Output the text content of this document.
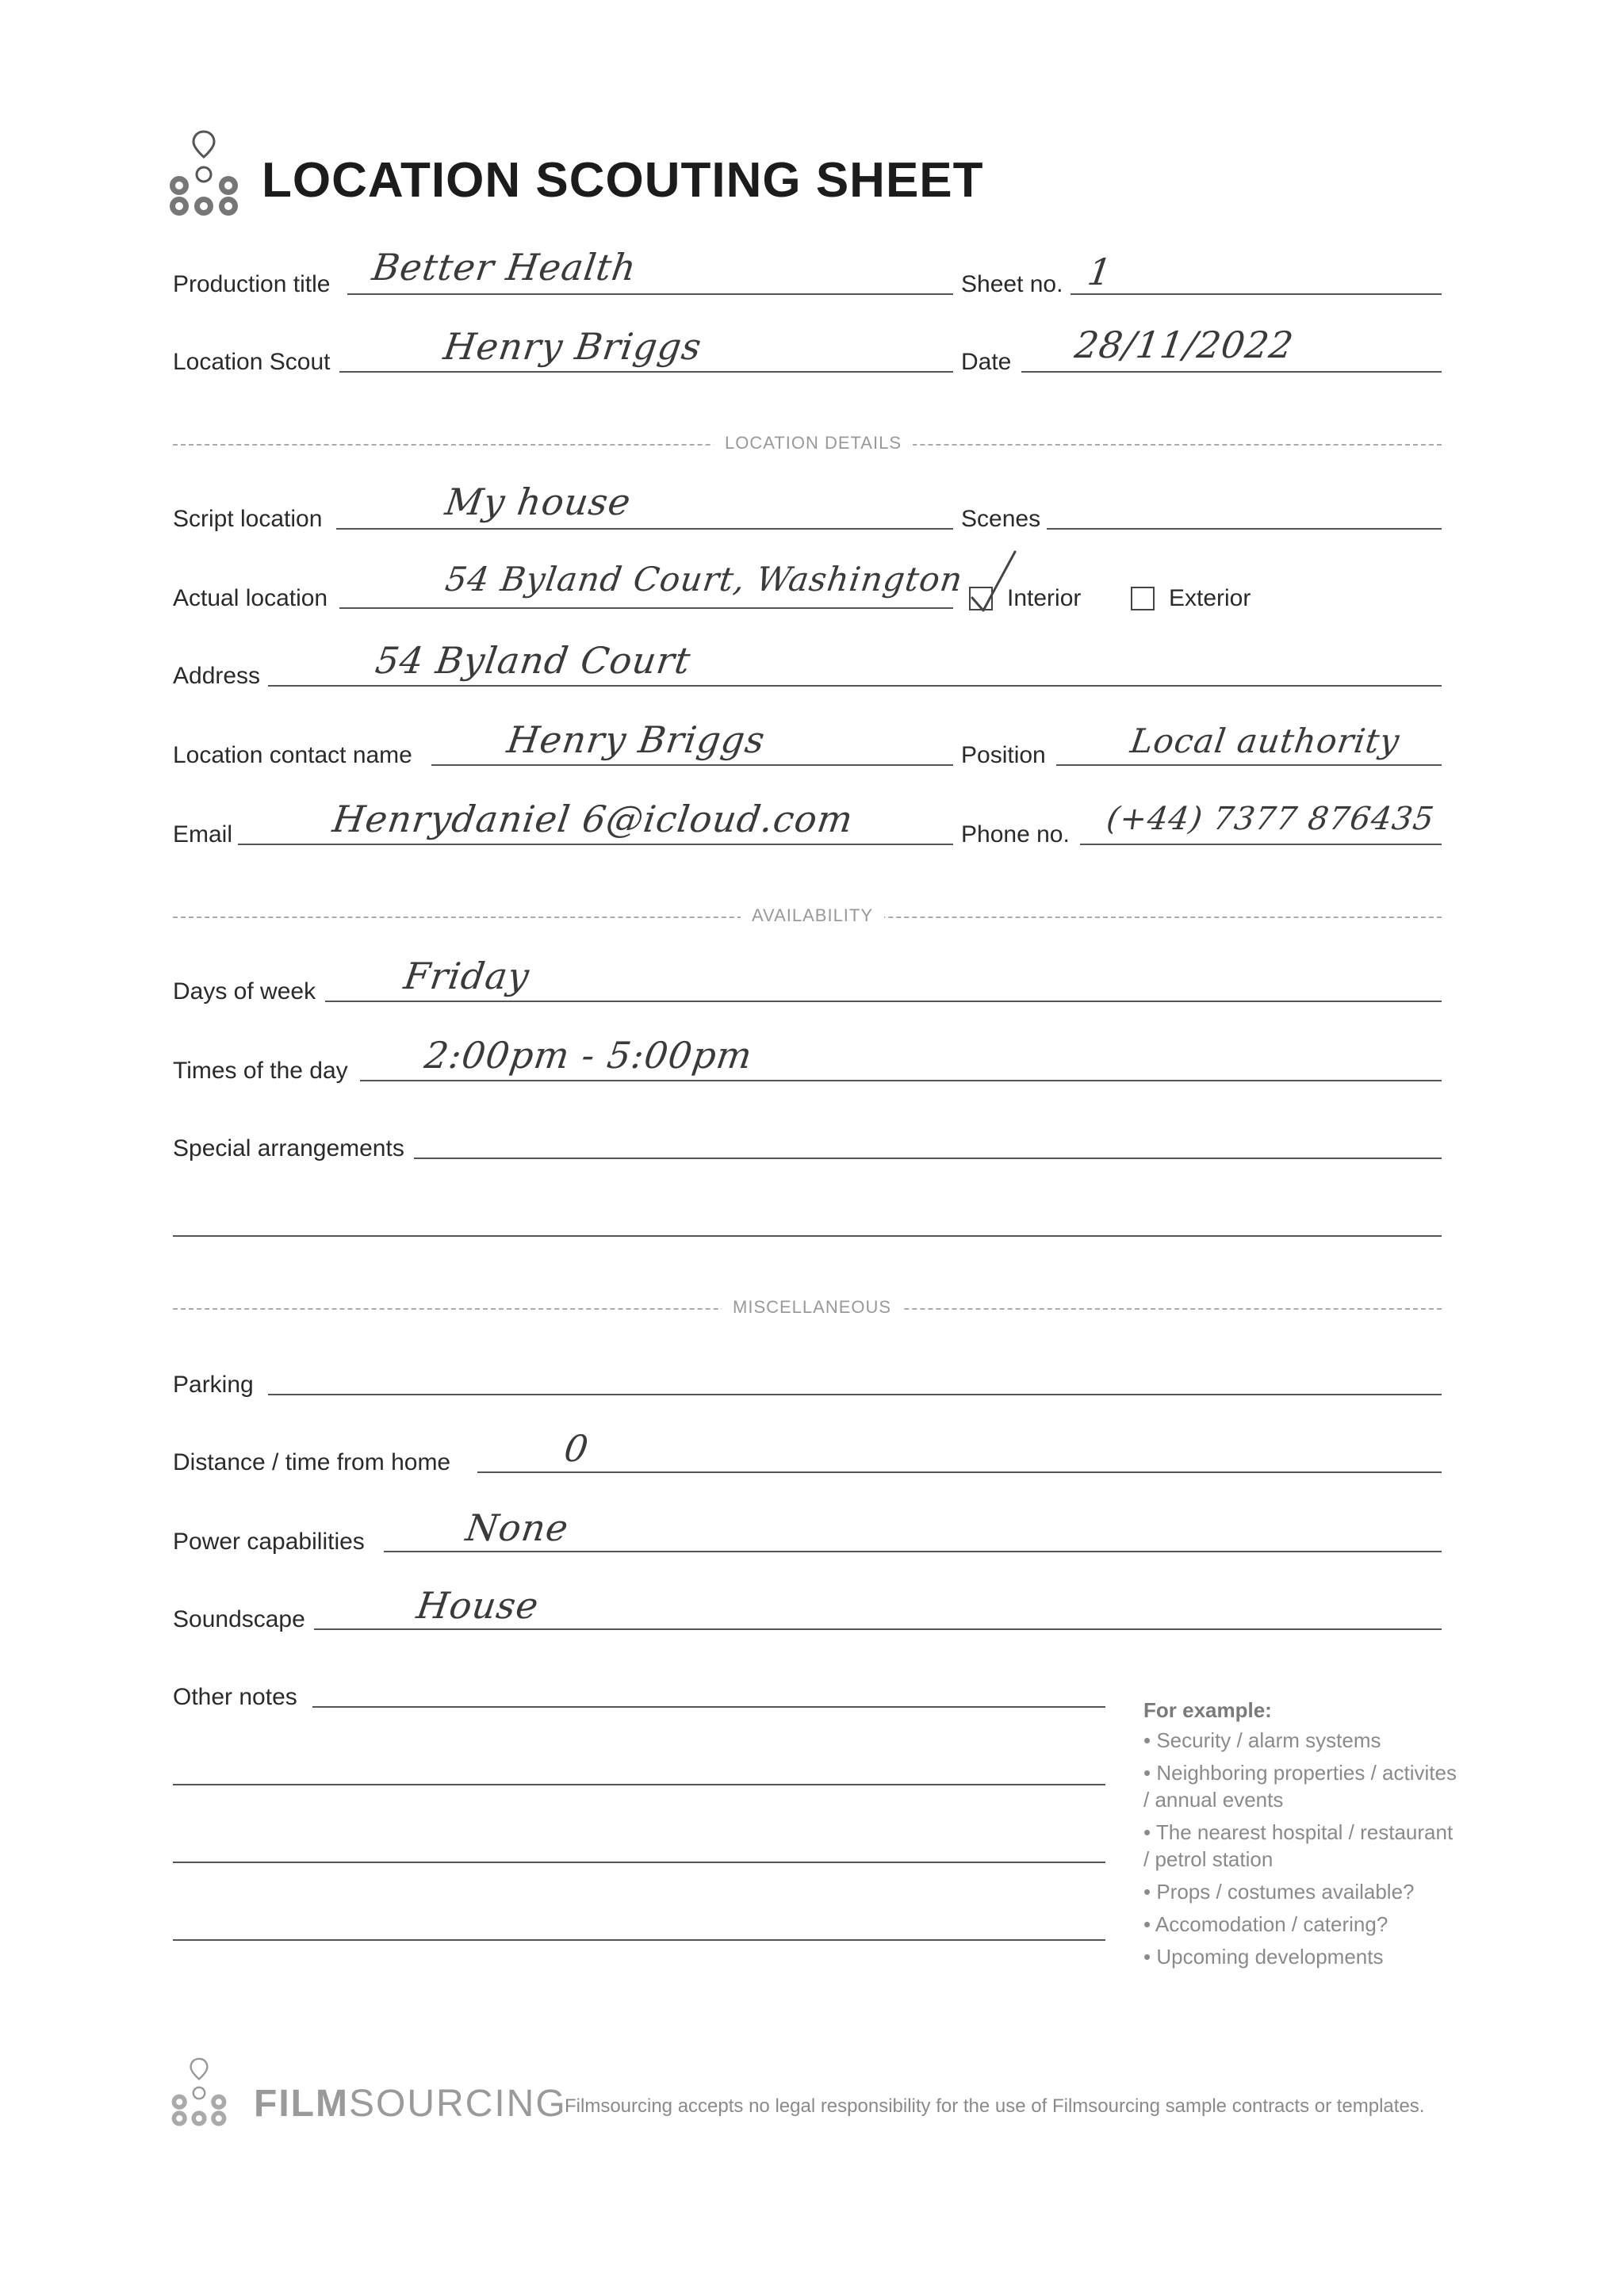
LOCATION SCOUTING SHEET
Production title Better Health	Sheet no. 1
Location Scout	Henry Briggs	Date 28/11/2022
LOCATION DETAILS
Script location	My house	Scenes
Actual location	54 Byland Court, Washington Interior	Exterior
Address	54 Byland Court
Location contact name	Henry Briggs	Position Local authority
Email	Henrydaniel 6@icloud.com	Phone no. (+44) 7377 876435
AVAILABILITY
Days of week Friday
Times of the day 2:00pm - 5:00pm
Special arrangements
MISCELLANEOUS
Parking
Distance / time from home	0
Power capabilities	None
Soundscape	House
Other notes	For example:
• Security / alarm systems
• Neighboring properties / activites / annual events
• The nearest hospital / restaurant / petrol station
• Props / costumes available?
• Accomodation / catering?
• Upcoming developments
FILMSOURCING
Filmsourcing accepts no legal responsibility for the use of Filmsourcing sample contracts or templates.
